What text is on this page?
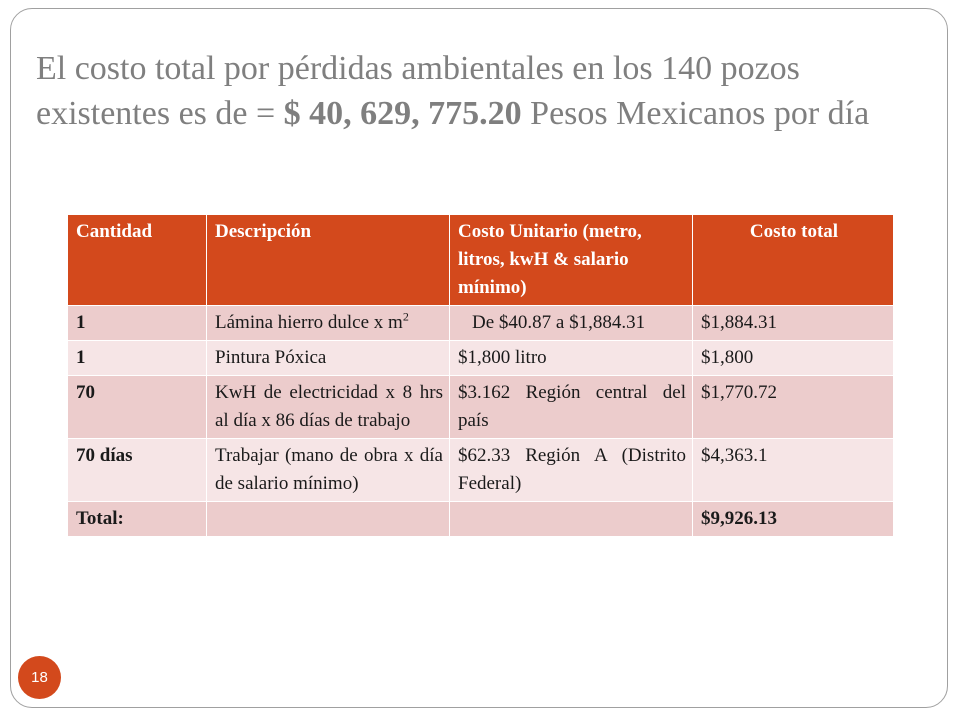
El costo total por pérdidas ambientales en los 140 pozos existentes es de = $ 40, 629, 775.20 Pesos Mexicanos por día
Cantidad	Descripción	Costo Unitario (metro, litros, kwH & salario mínimo)	Costo total
1	Lámina hierro dulce x $m^2$	De $40.87 a $1,884.31	$1,884.31
1	Pintura Póxica	$1,800 litro	$1,800
70	KwH de electricidad x 8 hrs al día x 86 días de trabajo	$3.162 Región central del país	$1,770.72
70 días	Trabajar (mano de obra x día de salario mínimo)	$62.33 Región A (Distrito Federal)	$4,363.1
Total:			$9,926.13
18
